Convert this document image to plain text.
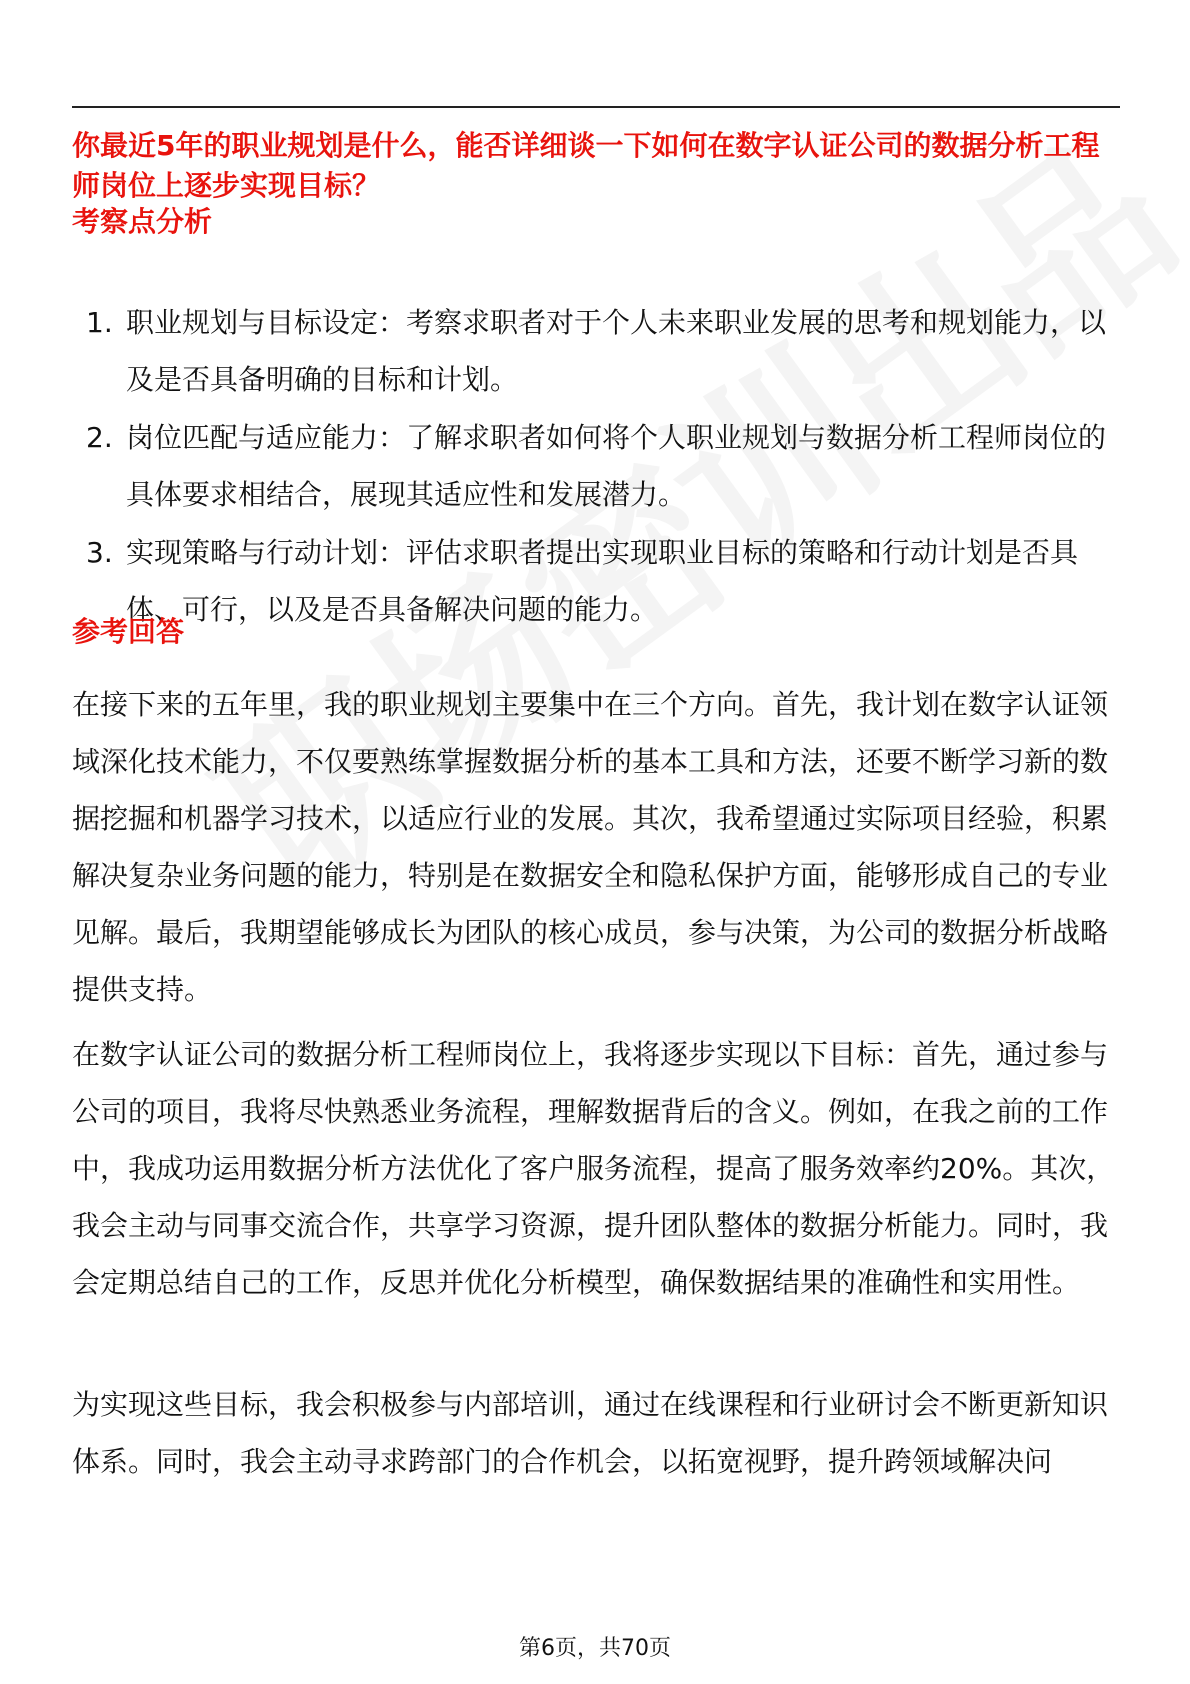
你最近5年的职业规划是什么，能否详细谈一下如何在数字认证公司的数据分析工程师岗位上逐步实现目标？
考察点分析
1. 职业规划与目标设定：考察求职者对于个人未来职业发展的思考和规划能力，以及是否具备明确的目标和计划。
2. 岗位匹配与适应能力：了解求职者如何将个人职业规划与数据分析工程师岗位的具体要求相结合，展现其适应性和发展潜力。
3. 实现策略与行动计划：评估求职者提出实现职业目标的策略和行动计划是否具体、可行，以及是否具备解决问题的能力。
参考回答

在接下来的五年里，我的职业规划主要集中在三个方向。首先，我计划在数字认证领域深化技术能力，不仅要熟练掌握数据分析的基本工具和方法，还要不断学习新的数据挖掘和机器学习技术，以适应行业的发展。其次，我希望通过实际项目经验，积累解决复杂业务问题的能力，特别是在数据安全和隐私保护方面，能够形成自己的专业见解。最后，我期望能够成长为团队的核心成员，参与决策，为公司的数据分析战略提供支持。

在数字认证公司的数据分析工程师岗位上，我将逐步实现以下目标：首先，通过参与公司的项目，我将尽快熟悉业务流程，理解数据背后的含义。例如，在我之前的工作中，我成功运用数据分析方法优化了客户服务流程，提高了服务效率约20%。其次，我会主动与同事交流合作，共享学习资源，提升团队整体的数据分析能力。同时，我会定期总结自己的工作，反思并优化分析模型，确保数据结果的准确性和实用性。

为实现这些目标，我会积极参与内部培训，通过在线课程和行业研讨会不断更新知识体系。同时，我会主动寻求跨部门的合作机会，以拓宽视野，提升跨领域解决问

第6页，共70页
